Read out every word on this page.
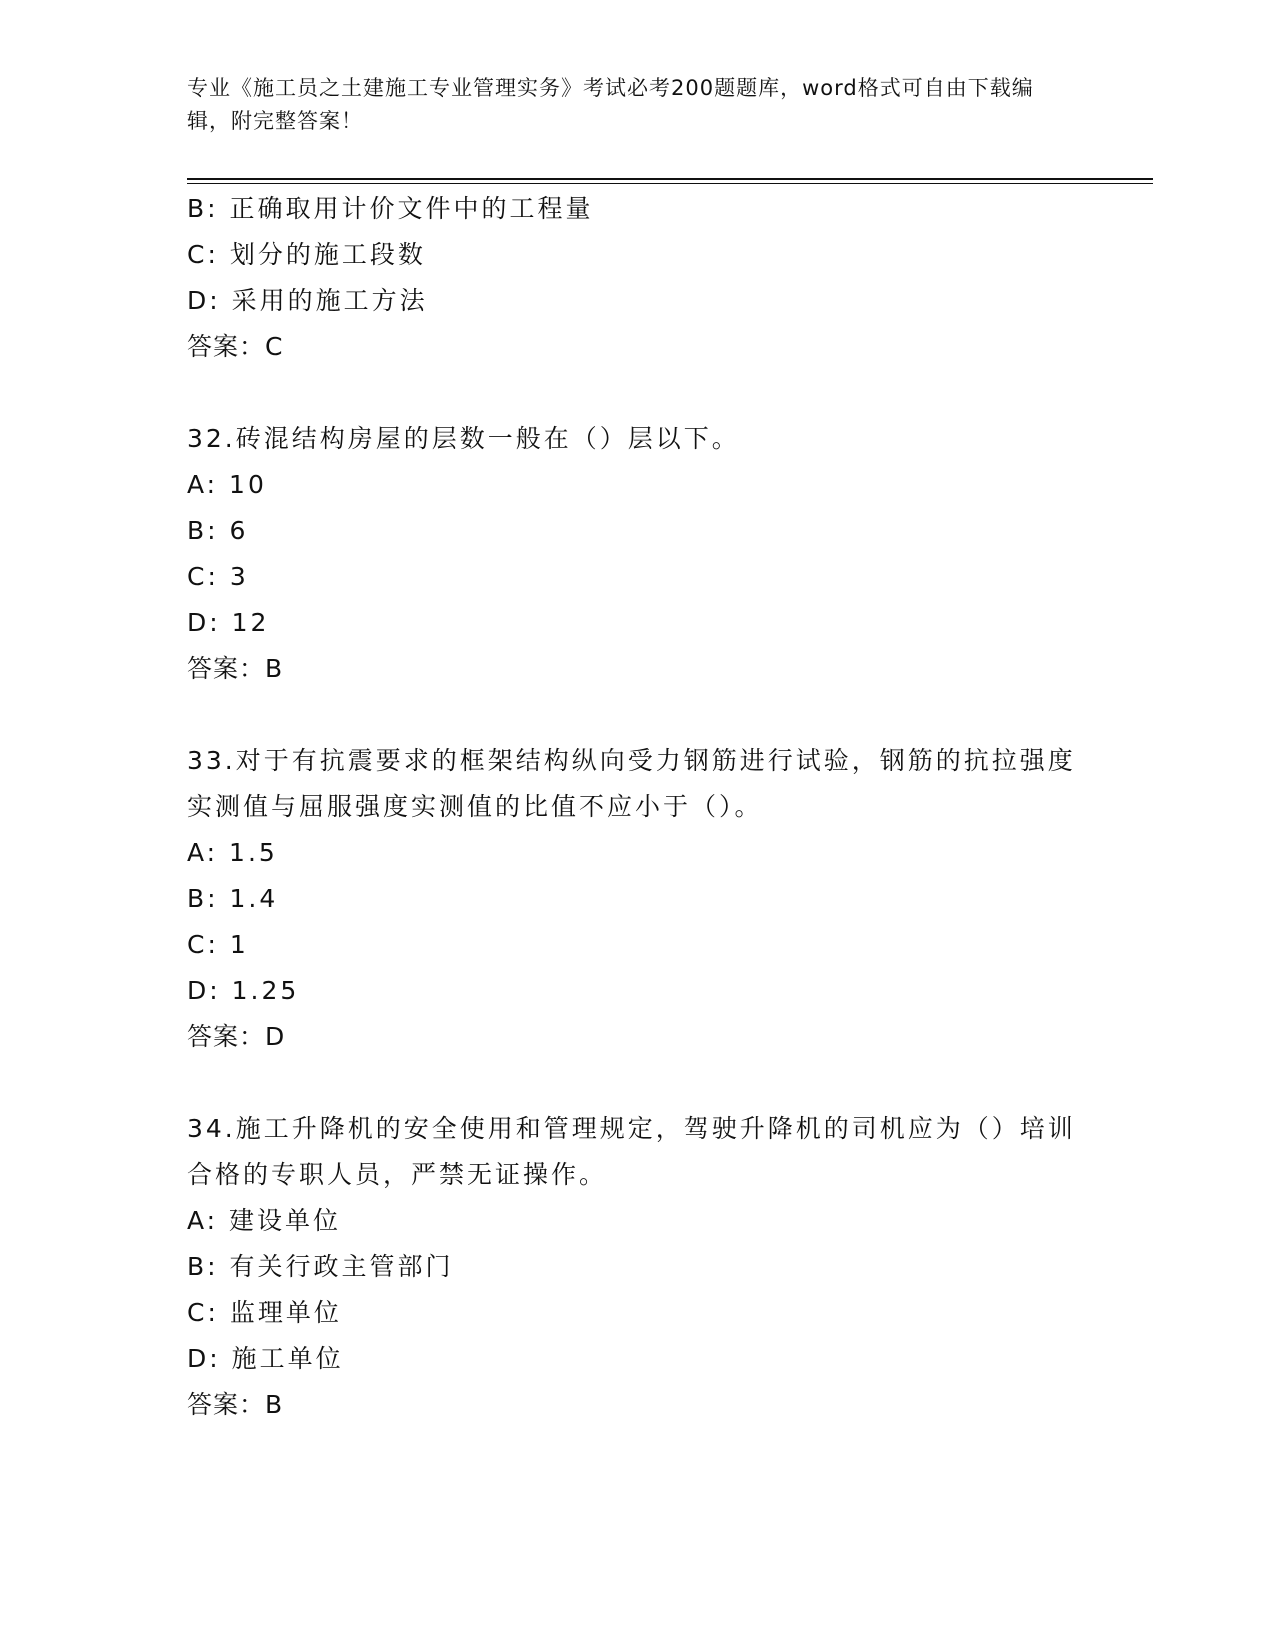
专业《施工员之土建施工专业管理实务》考试必考200题题库，word格式可自由下载编辑，附完整答案！
B: 正确取用计价文件中的工程量
C: 划分的施工段数
D: 采用的施工方法
答案：C
32.砖混结构房屋的层数一般在（）层以下。
A: 10
B: 6
C: 3
D: 12
答案：B
33.对于有抗震要求的框架结构纵向受力钢筋进行试验，钢筋的抗拉强度实测值与屈服强度实测值的比值不应小于（）。
A: 1.5
B: 1.4
C: 1
D: 1.25
答案：D
34.施工升降机的安全使用和管理规定，驾驶升降机的司机应为（）培训合格的专职人员，严禁无证操作。
A: 建设单位
B: 有关行政主管部门
C: 监理单位
D: 施工单位
答案：B
